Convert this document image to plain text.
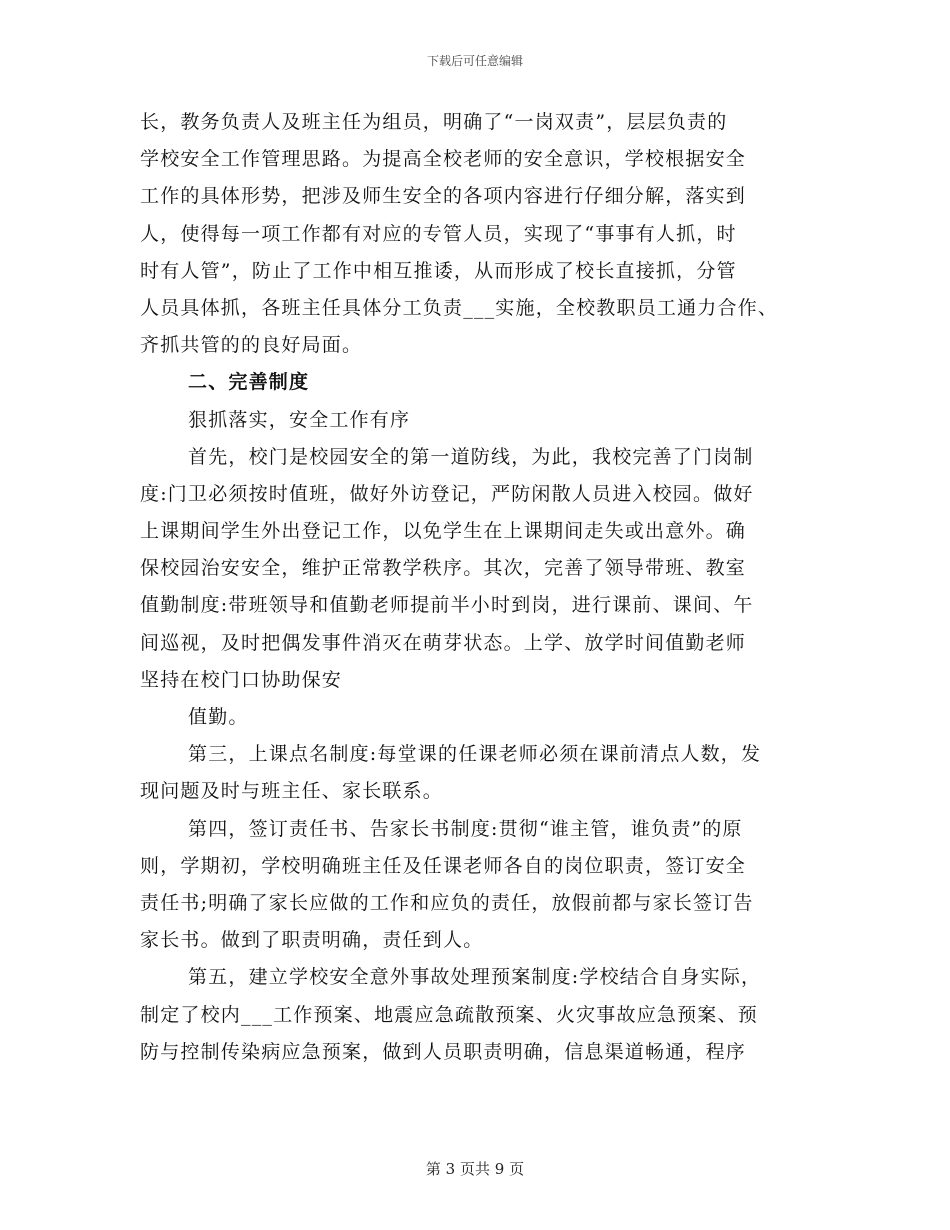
下载后可任意编辑
长，教务负责人及班主任为组员，明确了“一岗双责”，层层负责的
学校安全工作管理思路。为提高全校老师的安全意识，学校根据安全
工作的具体形势，把涉及师生安全的各项内容进行仔细分解，落实到
人，使得每一项工作都有对应的专管人员，实现了“事事有人抓，时
时有人管”，防止了工作中相互推诿，从而形成了校长直接抓，分管
人员具体抓，各班主任具体分工负责___实施，全校教职员工通力合作、
齐抓共管的的良好局面。
二、完善制度
狠抓落实，安全工作有序
首先，校门是校园安全的第一道防线，为此，我校完善了门岗制
度:门卫必须按时值班，做好外访登记，严防闲散人员进入校园。做好
上课期间学生外出登记工作，以免学生在上课期间走失或出意外。确
保校园治安安全，维护正常教学秩序。其次，完善了领导带班、教室
值勤制度:带班领导和值勤老师提前半小时到岗，进行课前、课间、午
间巡视，及时把偶发事件消灭在萌芽状态。上学、放学时间值勤老师
坚持在校门口协助保安
值勤。
第三，上课点名制度:每堂课的任课老师必须在课前清点人数，发
现问题及时与班主任、家长联系。
第四，签订责任书、告家长书制度:贯彻“谁主管，谁负责”的原
则，学期初，学校明确班主任及任课老师各自的岗位职责，签订安全
责任书;明确了家长应做的工作和应负的责任，放假前都与家长签订告
家长书。做到了职责明确，责任到人。
第五，建立学校安全意外事故处理预案制度:学校结合自身实际，
制定了校内___工作预案、地震应急疏散预案、火灾事故应急预案、预
防与控制传染病应急预案，做到人员职责明确，信息渠道畅通，程序
第 3 页共 9 页
